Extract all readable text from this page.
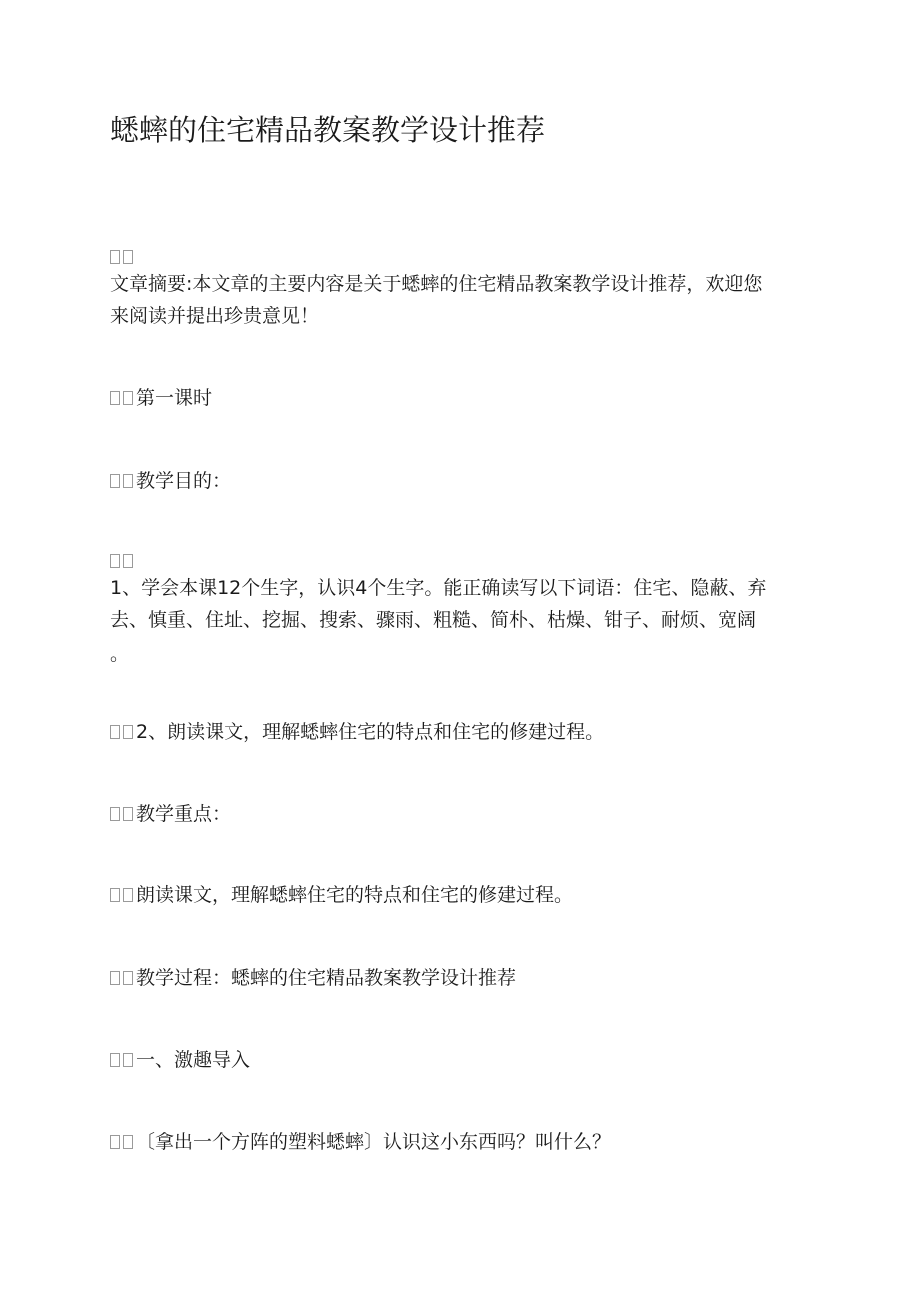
蟋蟀的住宅精品教案教学设计推荐
文章摘要:本文章的主要内容是关于蟋蟀的住宅精品教案教学设计推荐，欢迎您
来阅读并提出珍贵意见！
第一课时
教学目的：
1、学会本课12个生字，认识4个生字。能正确读写以下词语：住宅、隐蔽、弃
去、慎重、住址、挖掘、搜索、骤雨、粗糙、简朴、枯燥、钳子、耐烦、宽阔
。
2、朗读课文，理解蟋蟀住宅的特点和住宅的修建过程。
教学重点：
朗读课文，理解蟋蟀住宅的特点和住宅的修建过程。
教学过程：蟋蟀的住宅精品教案教学设计推荐
一、激趣导入
〔拿出一个方阵的塑料蟋蟀〕认识这小东西吗？叫什么？
